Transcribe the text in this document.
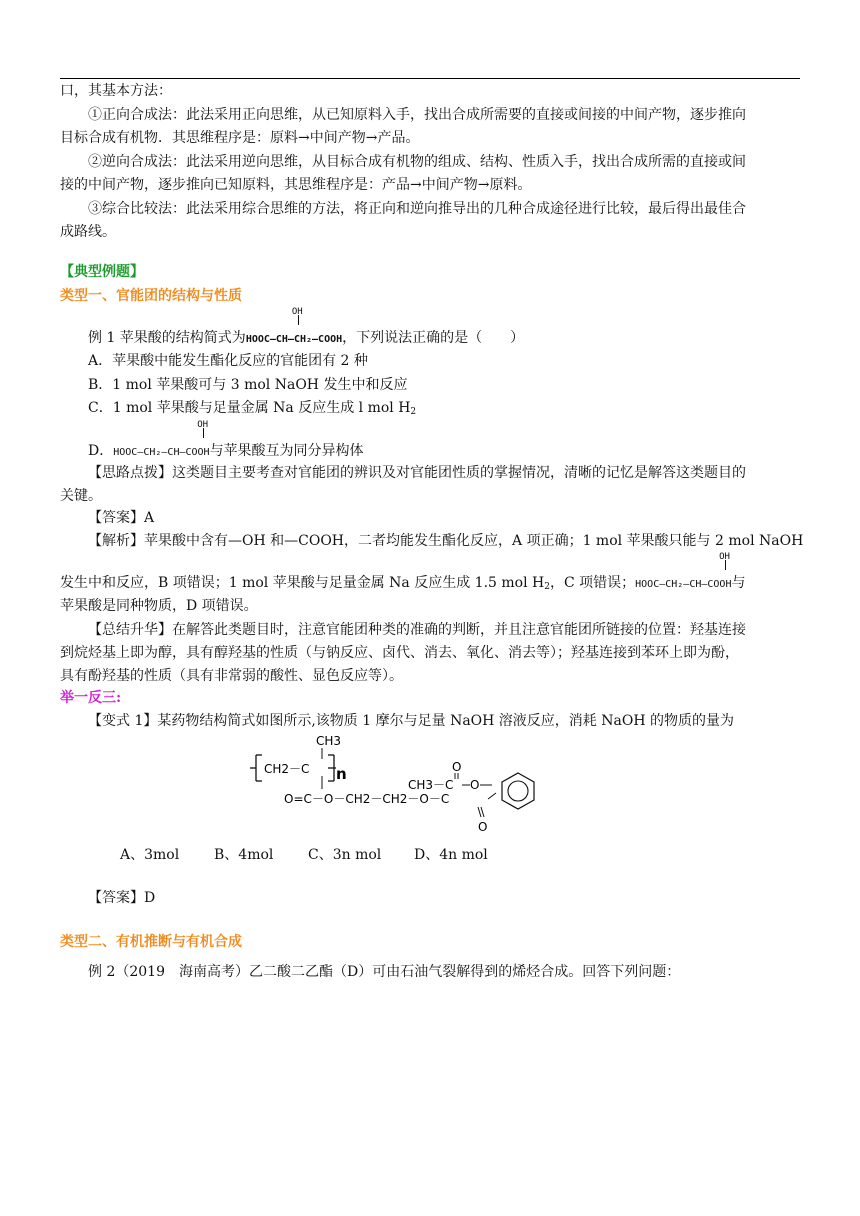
口，其基本方法：
①正向合成法：此法采用正向思维，从已知原料入手，找出合成所需要的直接或间接的中间产物，逐步推向
目标合成有机物．其思维程序是：原料→中间产物→产品。
②逆向合成法：此法采用逆向思维，从目标合成有机物的组成、结构、性质入手，找出合成所需的直接或间
接的中间产物，逐步推向已知原料，其思维程序是：产品→中间产物→原料。
③综合比较法：此法采用综合思维的方法，将正向和逆向推导出的几种合成途径进行比较，最后得出最佳合
成路线。
【典型例题】
类型一、官能团的结构与性质
例 1 苹果酸的结构简式为HOOC—CH—CH₂—COOH
OH
，下列说法正确的是（　　）
A．苹果酸中能发生酯化反应的官能团有 2 种
B．1 mol 苹果酸可与 3 mol NaOH 发生中和反应
C．1 mol 苹果酸与足量金属 Na 反应生成 l mol $H_2$
D．HOOC—CH₂—CH—COOH
OH
与苹果酸互为同分异构体
【思路点拨】这类题目主要考查对官能团的辨识及对官能团性质的掌握情况，清晰的记忆是解答这类题目的
关键。
【答案】A
【解析】苹果酸中含有—OH 和—COOH，二者均能发生酯化反应，A 项正确；1 mol 苹果酸只能与 2 mol NaOH
发生中和反应，B 项错误；1 mol 苹果酸与足量金属 Na 反应生成 1.5 mol $H_2$，C 项错误；HOOC—CH₂—CH—COOH
OH
与
苹果酸是同种物质，D 项错误。
【总结升华】在解答此类题目时，注意官能团种类的准确的判断，并且注意官能团所链接的位置：羟基连接
到烷烃基上即为醇，具有醇羟基的性质（与钠反应、卤代、消去、氧化、消去等）；羟基连接到苯环上即为酚，
具有酚羟基的性质（具有非常弱的酸性、显色反应等）。
举一反三:
【变式 1】某药物结构简式如图所示,该物质 1 摩尔与足量 NaOH 溶液反应，消耗 NaOH 的物质的量为
CH3
CH2－C n
O=C－O－CH2－CH2－O－C
CH3－C
O
O
O
A、3mol B、4mol C、3n mol D、4n mol
【答案】D
类型二、有机推断与有机合成
例 2（2019　海南高考）乙二酸二乙酯（D）可由石油气裂解得到的烯烃合成。回答下列问题：
